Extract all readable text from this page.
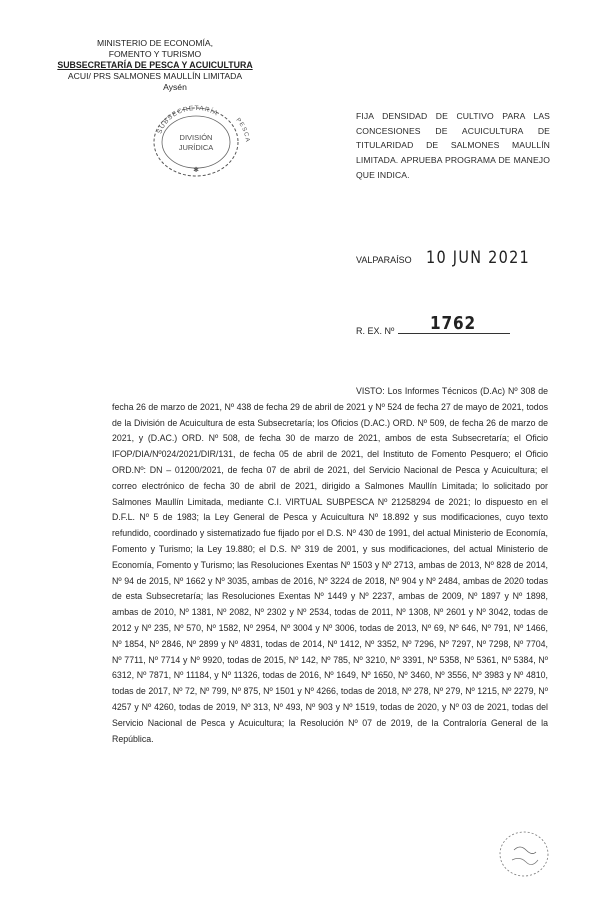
MINISTERIO DE ECONOMÍA,
FOMENTO Y TURISMO
SUBSECRETARÍA DE PESCA Y ACUICULTURA
ACUI/ PRS SALMONES MAULLÍN LIMITADA
Aysén
SUBSECRETARÍA
PESCA
DIVISIÓN
JURÍDICA
✱
FIJA DENSIDAD DE CULTIVO PARA LAS CONCESIONES DE ACUICULTURA DE TITULARIDAD DE SALMONES MAULLÍN LIMITADA. APRUEBA PROGRAMA DE MANEJO QUE INDICA.
VALPARAÍSO 10 JUN 2021
R. EX. Nº 1762
VISTO: Los Informes Técnicos (D.Ac) Nº 308 de fecha 26 de marzo de 2021, Nº 438 de fecha 29 de abril de 2021 y Nº 524 de fecha 27 de mayo de 2021, todos de la División de Acuicultura de esta Subsecretaría; los Oficios (D.AC.) ORD. Nº 509, de fecha 26 de marzo de 2021, y (D.AC.) ORD. Nº 508, de fecha 30 de marzo de 2021, ambos de esta Subsecretaría; el Oficio IFOP/DIA/Nº024/2021/DIR/131, de fecha 05 de abril de 2021, del Instituto de Fomento Pesquero; el Oficio ORD.Nº: DN – 01200/2021, de fecha 07 de abril de 2021, del Servicio Nacional de Pesca y Acuicultura; el correo electrónico de fecha 30 de abril de 2021, dirigido a Salmones Maullín Limitada; lo solicitado por Salmones Maullín Limitada, mediante C.I. VIRTUAL SUBPESCA Nº 21258294 de 2021; lo dispuesto en el D.F.L. Nº 5 de 1983; la Ley General de Pesca y Acuicultura Nº 18.892 y sus modificaciones, cuyo texto refundido, coordinado y sistematizado fue fijado por el D.S. Nº 430 de 1991, del actual Ministerio de Economía, Fomento y Turismo; la Ley 19.880; el D.S. Nº 319 de 2001, y sus modificaciones, del actual Ministerio de Economía, Fomento y Turismo; las Resoluciones Exentas Nº 1503 y Nº 2713, ambas de 2013, Nº 828 de 2014, Nº 94 de 2015, Nº 1662 y Nº 3035, ambas de 2016, Nº 3224 de 2018, Nº 904 y Nº 2484, ambas de 2020 todas de esta Subsecretaría; las Resoluciones Exentas Nº 1449 y Nº 2237, ambas de 2009, Nº 1897 y Nº 1898, ambas de 2010, Nº 1381, Nº 2082, Nº 2302 y Nº 2534, todas de 2011, Nº 1308, Nº 2601 y Nº 3042, todas de 2012 y Nº 235, Nº 570, Nº 1582, Nº 2954, Nº 3004 y Nº 3006, todas de 2013, Nº 69, Nº 646, Nº 791, Nº 1466, Nº 1854, Nº 2846, Nº 2899 y Nº 4831, todas de 2014, Nº 1412, Nº 3352, Nº 7296, Nº 7297, Nº 7298, Nº 7704, Nº 7711, Nº 7714 y Nº 9920, todas de 2015, Nº 142, Nº 785, Nº 3210, Nº 3391, Nº 5358, Nº 5361, Nº 5384, Nº 6312, Nº 7871, Nº 11184, y Nº 11326, todas de 2016, Nº 1649, Nº 1650, Nº 3460, Nº 3556, Nº 3983 y Nº 4810, todas de 2017, Nº 72, Nº 799, Nº 875, Nº 1501 y Nº 4266, todas de 2018, Nº 278, Nº 279, Nº 1215, Nº 2279, Nº 4257 y Nº 4260, todas de 2019, Nº 313, Nº 493, Nº 903 y Nº 1519, todas de 2020, y Nº 03 de 2021, todas del Servicio Nacional de Pesca y Acuicultura; la Resolución Nº 07 de 2019, de la Contraloría General de la República.
